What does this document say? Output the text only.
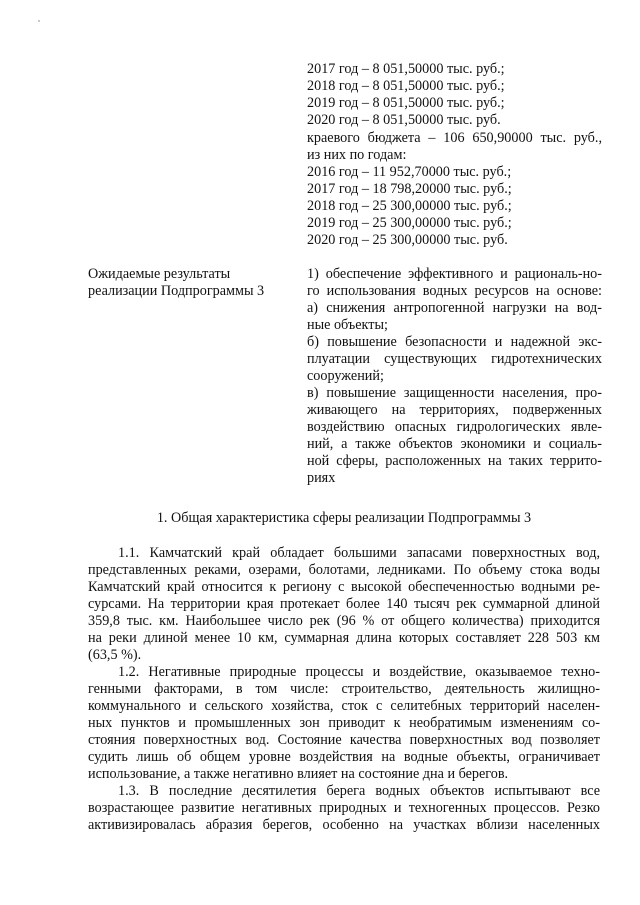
2017 год – 8 051,50000 тыс. руб.;
2018 год – 8 051,50000 тыс. руб.;
2019 год – 8 051,50000 тыс. руб.;
2020 год – 8 051,50000 тыс. руб.
краевого бюджета – 106 650,90000 тыс. руб.,
из них по годам:
2016 год – 11 952,70000 тыс. руб.;
2017 год – 18 798,20000 тыс. руб.;
2018 год – 25 300,00000 тыс. руб.;
2019 год – 25 300,00000 тыс. руб.;
2020 год – 25 300,00000 тыс. руб.
Ожидаемые результаты
реализации Подпрограммы 3
1) обеспечение эффективного и рациональ-но-
го использования водных ресурсов на основе:
а) снижения антропогенной нагрузки на вод-
ные объекты;
б) повышение безопасности и надежной экс-
плуатации существующих гидротехнических
сооружений;
в) повышение защищенности населения, про-
живающего на территориях, подверженных
воздействию опасных гидрологических явле-
ний, а также объектов экономики и социаль-
ной сферы, расположенных на таких террито-
риях
1. Общая характеристика сферы реализации Подпрограммы 3
1.1. Камчатский край обладает большими запасами поверхностных вод,
представленных реками, озерами, болотами, ледниками. По объему стока воды
Камчатский край относится к региону с высокой обеспеченностью водными ре-
сурсами. На территории края протекает более 140 тысяч рек суммарной длиной
359,8 тыс. км. Наибольшее число рек (96 % от общего количества) приходится
на реки длиной менее 10 км, суммарная длина которых составляет 228 503 км
(63,5 %).
1.2. Негативные природные процессы и воздействие, оказываемое техно-
генными факторами, в том числе: строительство, деятельность жилищно-
коммунального и сельского хозяйства, сток с селитебных территорий населен-
ных пунктов и промышленных зон приводит к необратимым изменениям со-
стояния поверхностных вод. Состояние качества поверхностных вод позволяет
судить лишь об общем уровне воздействия на водные объекты, ограничивает
использование, а также негативно влияет на состояние дна и берегов.
1.3. В последние десятилетия берега водных объектов испытывают все
возрастающее развитие негативных природных и техногенных процессов. Резко
активизировалась абразия берегов, особенно на участках вблизи населенных
